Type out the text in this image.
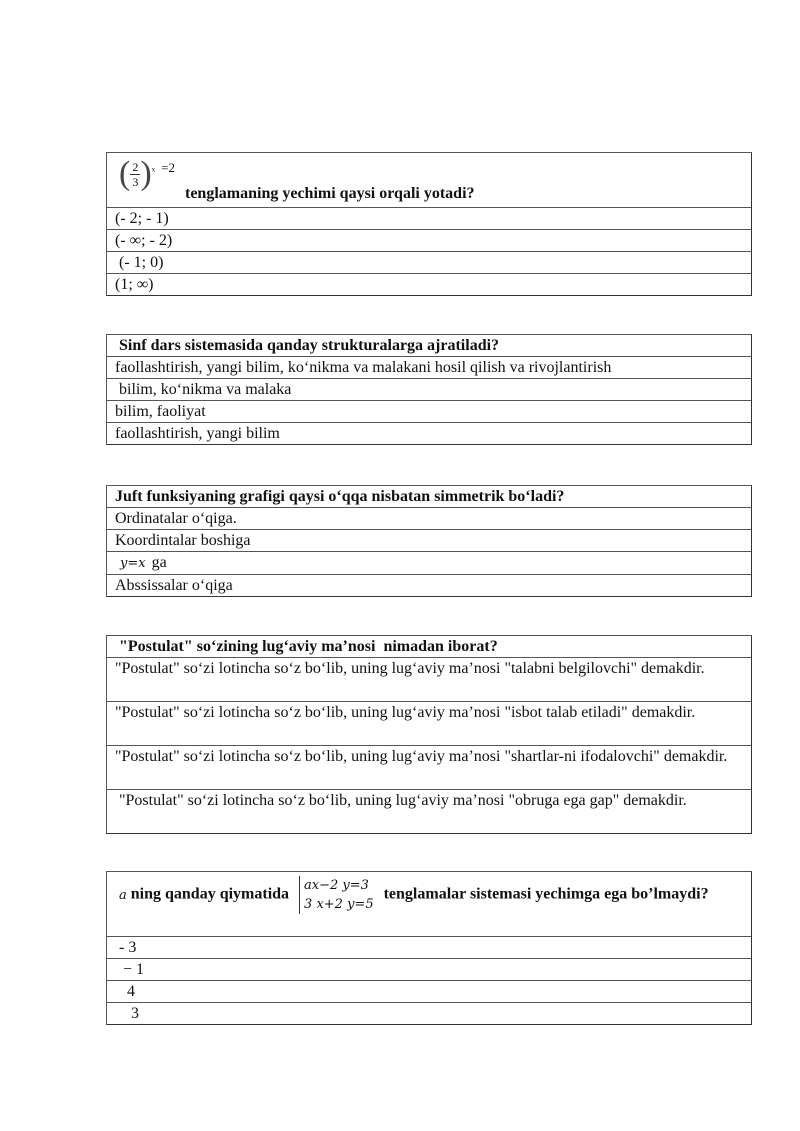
( $\frac{2}{3} )^x$ $^{=2}$
tenglamaning yechimi qaysi orqali yotadi?
(- 2; - 1)
(- ∞; - 2)
(- 1; 0)
(1; ∞)
Sinf dars sistemasida qanday strukturalarga ajratiladi?
faollashtirish, yangi bilim, ko‘nikma va malakani hosil qilish va rivojlantirish
bilim, ko‘nikma va malaka
bilim, faoliyat
faollashtirish, yangi bilim
Juft funksiyaning grafigi qaysi o‘qqa nisbatan simmetrik bo‘ladi?
Ordinatalar o‘qiga.
Koordintalar boshiga
y=x ga
Abssissalar o‘qiga
"Postulat" so‘zining lug‘aviy ma’nosi  nimadan iborat?
"Postulat" so‘zi lotincha so‘z bo‘lib, uning lug‘aviy ma’nosi "talabni belgilovchi" demakdir.
"Postulat" so‘zi lotincha so‘z bo‘lib, uning lug‘aviy ma’nosi "isbot talab etiladi" demakdir.
"Postulat" so‘zi lotincha so‘z bo‘lib, uning lug‘aviy ma’nosi "shartlar-ni ifodalovchi" demakdir.
"Postulat" so‘zi lotincha so‘z bo‘lib, uning lug‘aviy ma’nosi "obruga ega gap" demakdir.
a ning qanday qiymatida
ax−2 y=3
3 x+2 y=5
tenglamalar sistemasi yechimga ega bo’lmaydi?
- 3
− 1
4
3
